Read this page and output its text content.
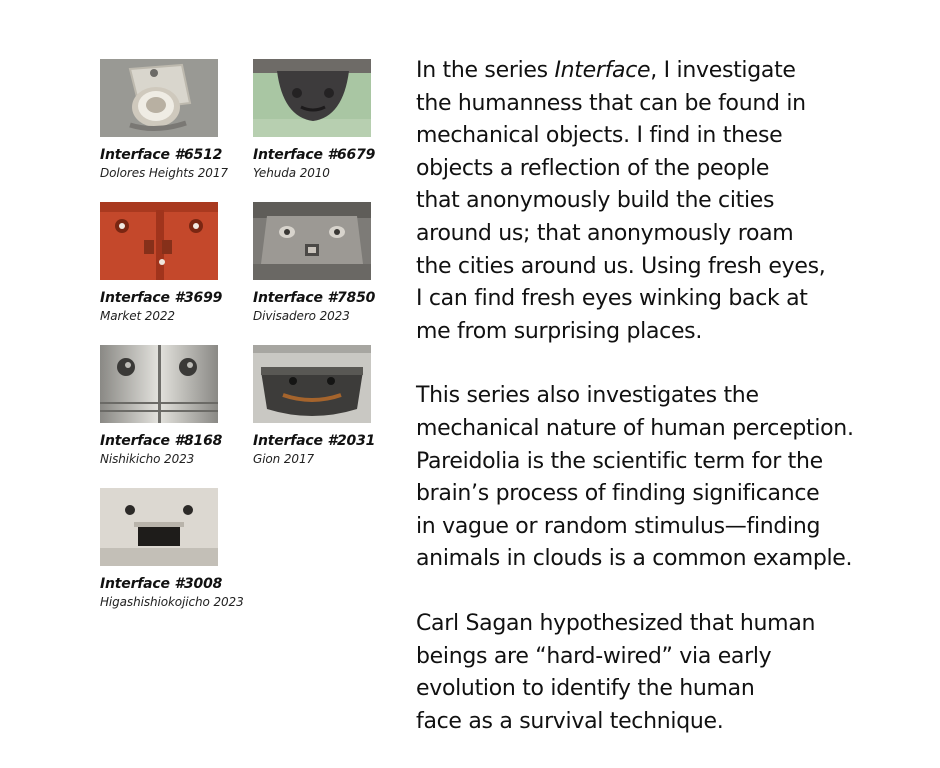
Interface #6512
Dolores Heights 2017
Interface #6679
Yehuda 2010
Interface #3699
Market 2022
Interface #7850
Divisadero 2023
Interface #8168
Nishikicho 2023
Interface #2031
Gion 2017
Interface #3008
Higashishiokojicho 2023

In the series Interface, I investigate
the humanness that can be found in
mechanical objects. I find in these
objects a reflection of the people
that anonymously build the cities
around us; that anonymously roam
the cities around us. Using fresh eyes,
I can find fresh eyes winking back at
me from surprising places.

This series also investigates the
mechanical nature of human perception.
Pareidolia is the scientific term for the
brain’s process of finding significance
in vague or random stimulus—finding
animals in clouds is a common example.

Carl Sagan hypothesized that human
beings are “hard-wired” via early
evolution to identify the human
face as a survival technique.
